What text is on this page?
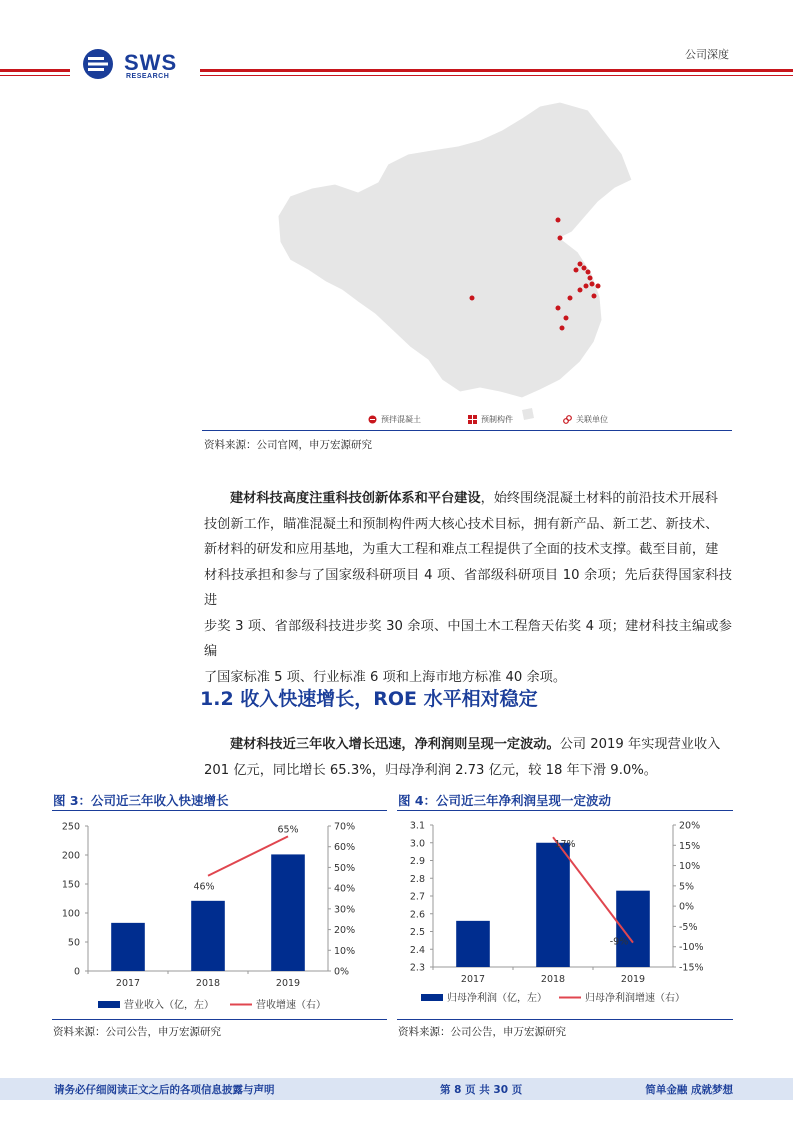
SWS
RESEARCH
公司深度
预拌混凝土	预制构件	关联单位
资料来源：公司官网，申万宏源研究
建材科技高度注重科技创新体系和平台建设，始终围绕混凝土材料的前沿技术开展科
技创新工作，瞄准混凝土和预制构件两大核心技术目标，拥有新产品、新工艺、新技术、
新材料的研发和应用基地，为重大工程和难点工程提供了全面的技术支撑。截至目前，建
材科技承担和参与了国家级科研项目 4 项、省部级科研项目 10 余项；先后获得国家科技进
步奖 3 项、省部级科技进步奖 30 余项、中国土木工程詹天佑奖 4 项；建材科技主编或参编
了国家标准 5 项、行业标准 6 项和上海市地方标准 40 余项。
1.2 收入快速增长，ROE 水平相对稳定
建材科技近三年收入增长迅速，净利润则呈现一定波动。公司 2019 年实现营业收入
201 亿元，同比增长 65.3%，归母净利润 2.73 亿元，较 18 年下滑 9.0%。
图 3：公司近三年收入快速增长
0
50
100
150
200
250
0%
10%
20%
30%
40%
50%
60%
70%
2017	2018	2019
46%
65%
营业收入（亿，左）	营收增速（右）
资料来源：公司公告，申万宏源研究
图 4：公司近三年净利润呈现一定波动
2.3
2.4
2.5
2.6
2.7
2.8
2.9
3.0
3.1
-15%
-10%
-5%
0%
5%
10%
15%
20%
2017	2018	2019
17%
-9%
归母净利润（亿，左）	归母净利润增速（右）
资料来源：公司公告，申万宏源研究
请务必仔细阅读正文之后的各项信息披露与声明	第 8 页 共 30 页	简单金融 成就梦想
